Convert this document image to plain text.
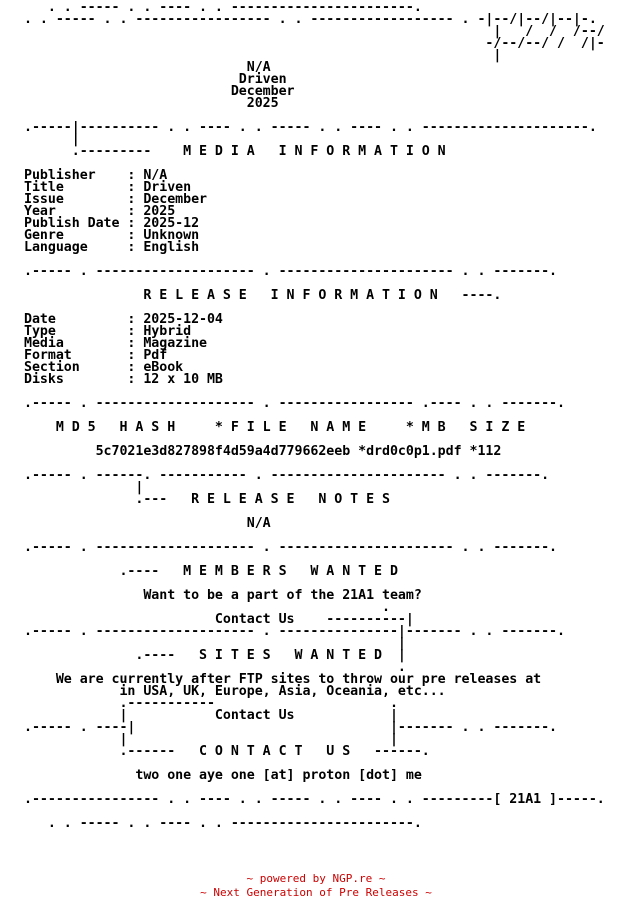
. . ----- . . ---- . . -----------------------.
. . ----- . . ----------------- . . ------------------ . -|--/|--/|--|-.
|   /  /  /--/
-/--/--/ /  /|-
|
N/A
Driven
December
2025
.-----|---------- . . ---- . . ----- . . ---- . . ---------------------.
|
.---------    M E D I A   I N F O R M A T I O N
Publisher    : N/A
Title        : Driven
Issue        : December
Year         : 2025
Publish Date : 2025-12
Genre        : Unknown
Language     : English
.----- . -------------------- . ---------------------- . . -------.
R E L E A S E   I N F O R M A T I O N   ----.
Date         : 2025-12-04
Type         : Hybrid
Media        : Magazine
Format       : Pdf
Section      : eBook
Disks        : 12 x 10 MB
.----- . -------------------- . ----------------- .---- . . -------.
M D 5   H A S H     * F I L E   N A M E     * M B   S I Z E
5c7021e3d827898f4d59a4d779662eeb *drd0c0p1.pdf *112
.----- . ------. ----------- . ---------------------- . . -------.
|
.---   R E L E A S E   N O T E S
N/A
.----- . -------------------- . ---------------------- . . -------.
.----   M E M B E R S   W A N T E D
Want to be a part of the 21A1 team?
.
Contact Us    ----------|
.----- . -------------------- . ---------------|------- . . -------.
|
.----   S I T E S   W A N T E D  |
.
We are currently after FTP sites to throw our pre releases at
in USA, UK, Europe, Asia, Oceania, etc...
.-----------                      .
|           Contact Us            |
.----- . ----|                                |------- . . -------.
|                                 |
.------   C O N T A C T   U S   ------.
two one aye one [at] proton [dot] me
.---------------- . . ---- . . ----- . . ---- . . ---------[ 21A1 ]-----.
. . ----- . . ---- . . -----------------------.
~ powered by NGP.re ~
~ Next Generation of Pre Releases ~
